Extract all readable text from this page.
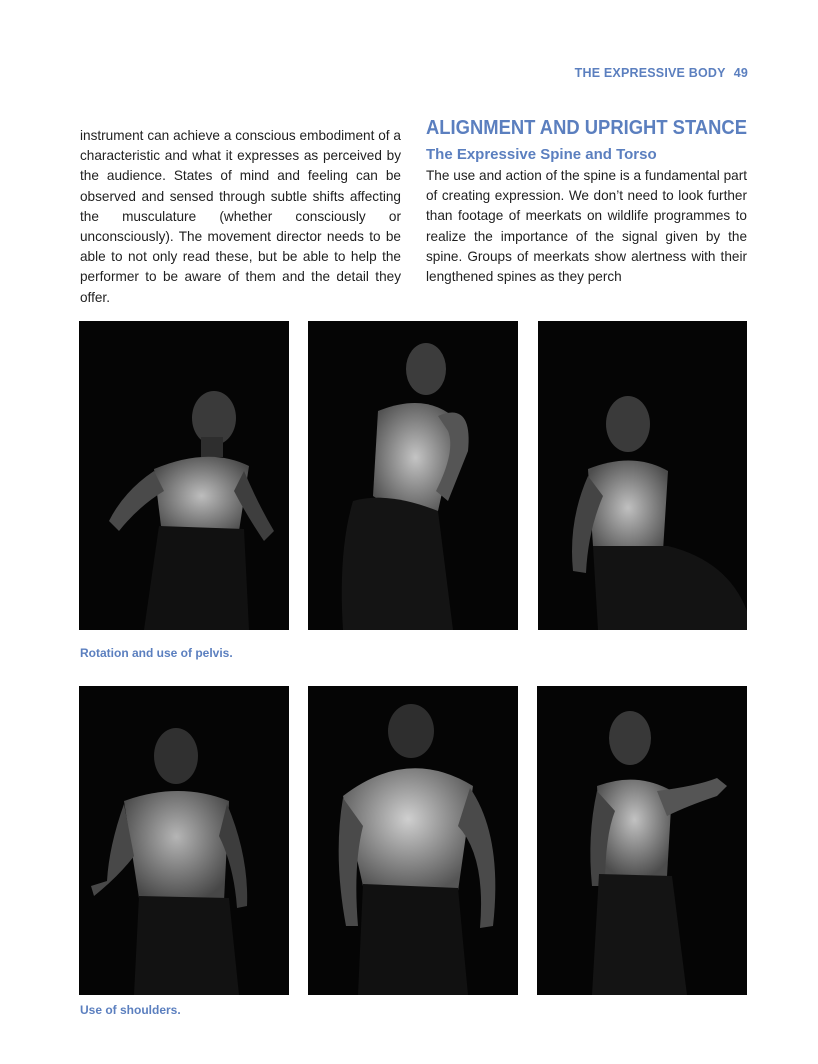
THE EXPRESSIVE BODY 49
instrument can achieve a conscious embodiment of a characteristic and what it expresses as perceived by the audience. States of mind and feeling can be observed and sensed through subtle shifts affecting the musculature (whether consciously or unconsciously). The movement director needs to be able to not only read these, but be able to help the performer to be aware of them and the detail they offer.
ALIGNMENT AND UPRIGHT STANCE
The Expressive Spine and Torso
The use and action of the spine is a fundamental part of creating expression. We don’t need to look further than footage of meerkats on wildlife programmes to realize the importance of the signal given by the spine. Groups of meerkats show alertness with their lengthened spines as they perch
Rotation and use of pelvis.
Use of shoulders.
